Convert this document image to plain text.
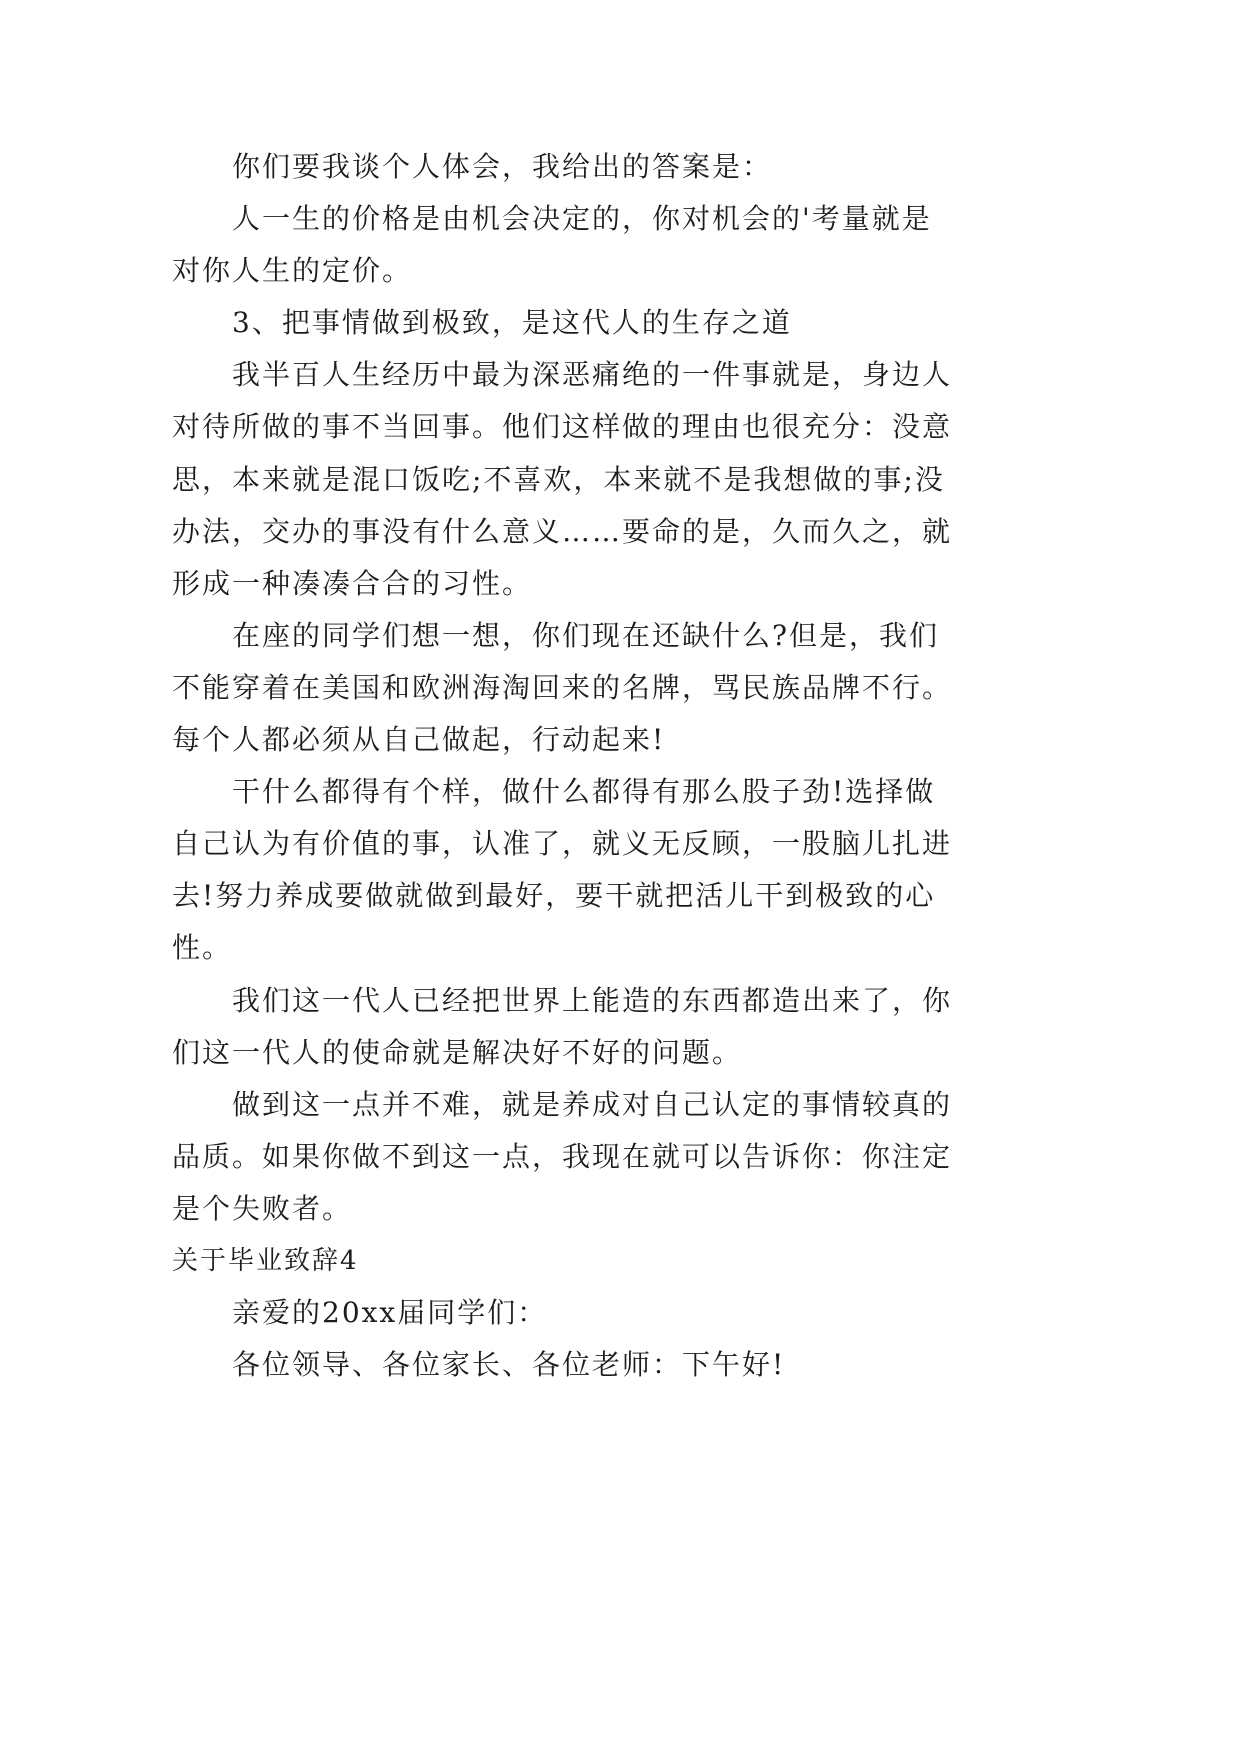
你们要我谈个人体会，我给出的答案是：
人一生的价格是由机会决定的，你对机会的'考量就是
对你人生的定价。
3、把事情做到极致，是这代人的生存之道
我半百人生经历中最为深恶痛绝的一件事就是，身边人
对待所做的事不当回事。他们这样做的理由也很充分：没意
思，本来就是混口饭吃;不喜欢，本来就不是我想做的事;没
办法，交办的事没有什么意义……要命的是，久而久之，就
形成一种凑凑合合的习性。
在座的同学们想一想，你们现在还缺什么?但是，我们
不能穿着在美国和欧洲海淘回来的名牌，骂民族品牌不行。
每个人都必须从自己做起，行动起来!
干什么都得有个样，做什么都得有那么股子劲!选择做
自己认为有价值的事，认准了，就义无反顾，一股脑儿扎进
去!努力养成要做就做到最好，要干就把活儿干到极致的心
性。
我们这一代人已经把世界上能造的东西都造出来了，你
们这一代人的使命就是解决好不好的问题。
做到这一点并不难，就是养成对自己认定的事情较真的
品质。如果你做不到这一点，我现在就可以告诉你：你注定
是个失败者。
关于毕业致辞4
亲爱的20xx届同学们：
各位领导、各位家长、各位老师：下午好!
